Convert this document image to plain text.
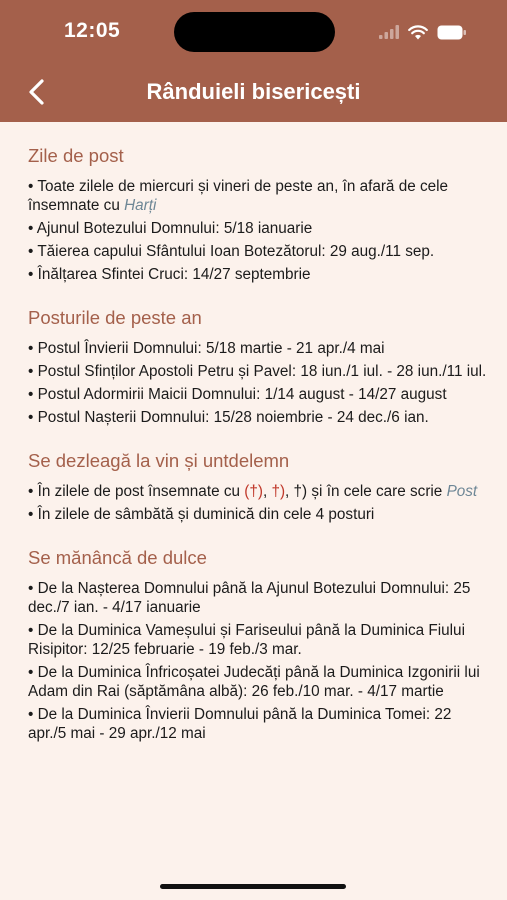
12:05
Rânduieli bisericești
Zile de post

• Toate zilele de miercuri și vineri de peste an, în afară de cele însemnate cu Harți

• Ajunul Botezului Domnului: 5/18 ianuarie

• Tăierea capului Sfântului Ioan Botezătorul: 29 aug./11 sep.

• Înălțarea Sfintei Cruci: 14/27 septembrie

Posturile de peste an

• Postul Învierii Domnului: 5/18 martie - 21 apr./4 mai

• Postul Sfinților Apostoli Petru și Pavel: 18 iun./1 iul. - 28 iun./11 iul.

• Postul Adormirii Maicii Domnului: 1/14 august - 14/27 august

• Postul Nașterii Domnului: 15/28 noiembrie - 24 dec./6 ian.

Se dezleagă la vin și untdelemn

• În zilele de post însemnate cu (†), †), †) și în cele care scrie Post

• În zilele de sâmbătă și duminică din cele 4 posturi

Se mănâncă de dulce

• De la Nașterea Domnului până la Ajunul Botezului Domnului: 25 dec./7 ian. - 4/17 ianuarie

• De la Duminica Vameșului și Fariseului până la Duminica Fiului Risipitor: 12/25 februarie - 19 feb./3 mar.

• De la Duminica Înfricoșatei Judecăți până la Duminica Izgonirii lui Adam din Rai (săptămâna albă): 26 feb./10 mar. - 4/17 martie

• De la Duminica Învierii Domnului până la Duminica Tomei: 22 apr./5 mai - 29 apr./12 mai
